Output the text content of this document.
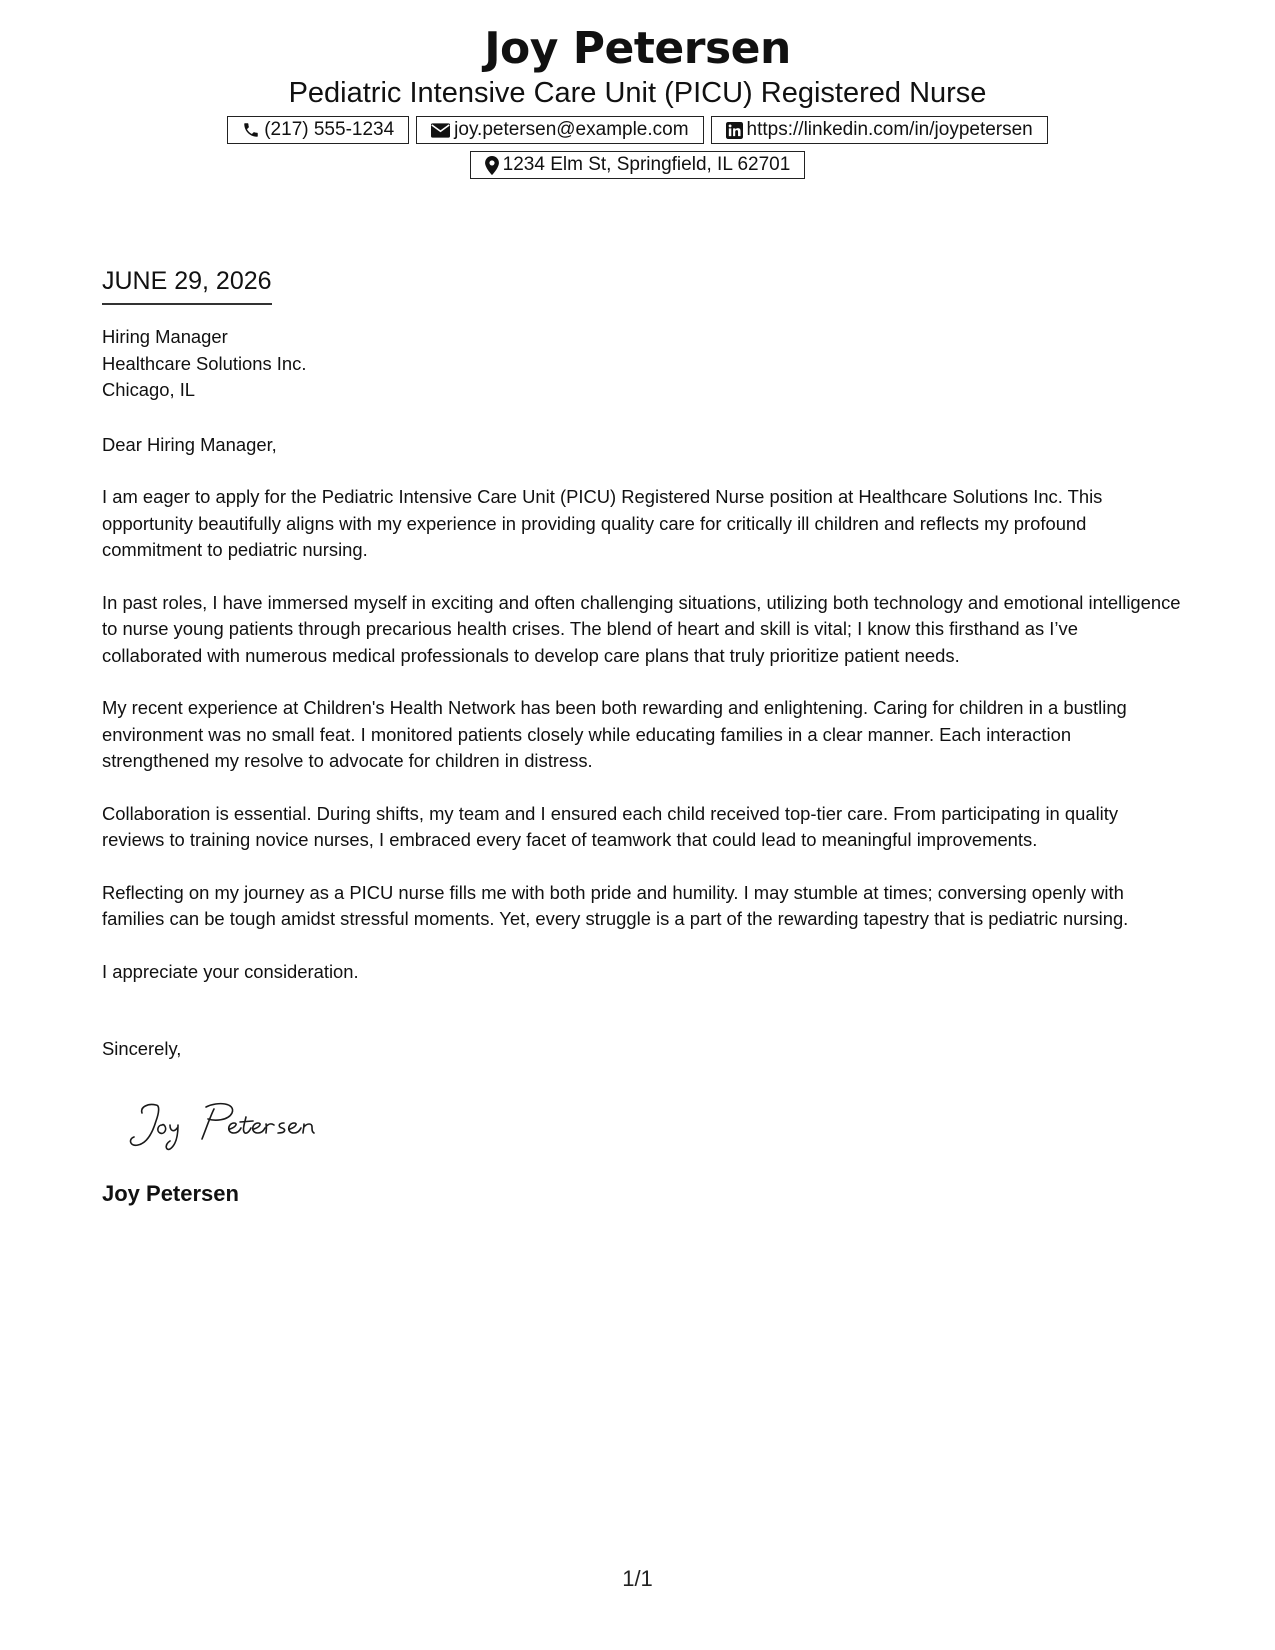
Joy Petersen
Pediatric Intensive Care Unit (PICU) Registered Nurse
(217) 555-1234	joy.petersen@example.com	https://linkedin.com/in/joypetersen
1234 Elm St, Springfield, IL 62701
JUNE 29, 2026
Hiring Manager
Healthcare Solutions Inc.
Chicago, IL

Dear Hiring Manager,

I am eager to apply for the Pediatric Intensive Care Unit (PICU) Registered Nurse position at Healthcare Solutions Inc. This opportunity beautifully aligns with my experience in providing quality care for critically ill children and reflects my profound commitment to pediatric nursing.

In past roles, I have immersed myself in exciting and often challenging situations, utilizing both technology and emotional intelligence to nurse young patients through precarious health crises. The blend of heart and skill is vital; I know this firsthand as I’ve collaborated with numerous medical professionals to develop care plans that truly prioritize patient needs.

My recent experience at Children's Health Network has been both rewarding and enlightening. Caring for children in a bustling environment was no small feat. I monitored patients closely while educating families in a clear manner. Each interaction strengthened my resolve to advocate for children in distress.

Collaboration is essential. During shifts, my team and I ensured each child received top-tier care. From participating in quality reviews to training novice nurses, I embraced every facet of teamwork that could lead to meaningful improvements.

Reflecting on my journey as a PICU nurse fills me with both pride and humility. I may stumble at times; conversing openly with families can be tough amidst stressful moments. Yet, every struggle is a part of the rewarding tapestry that is pediatric nursing.

I appreciate your consideration.

Sincerely,
Joy Petersen
1/1
